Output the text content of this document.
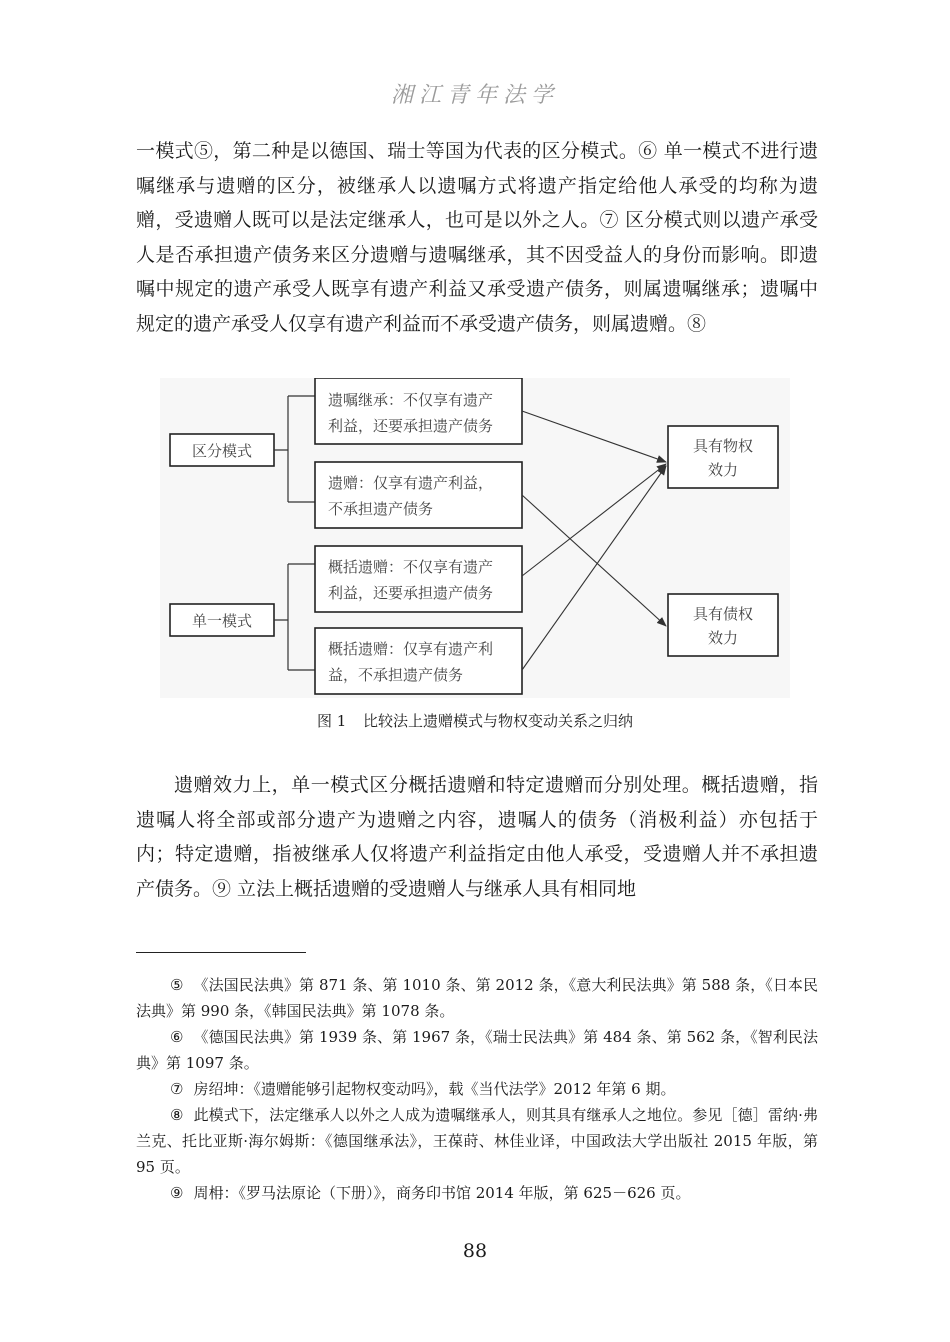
湘江青年法学

一模式⑤，第二种是以德国、瑞士等国为代表的区分模式。⑥ 单一模式不进行遗嘱继承与遗赠的区分，被继承人以遗嘱方式将遗产指定给他人承受的均称为遗赠，受遗赠人既可以是法定继承人，也可是以外之人。⑦ 区分模式则以遗产承受人是否承担遗产债务来区分遗赠与遗嘱继承，其不因受益人的身份而影响。即遗嘱中规定的遗产承受人既享有遗产利益又承受遗产债务，则属遗嘱继承；遗嘱中规定的遗产承受人仅享有遗产利益而不承受遗产债务，则属遗赠。⑧

区分模式
遗嘱继承：不仅享有遗产
利益，还要承担遗产债务
遗赠：仅享有遗产利益，
不承担遗产债务
单一模式
概括遗赠：不仅享有遗产
利益，还要承担遗产债务
概括遗赠：仅享有遗产利
益，不承担遗产债务
具有物权
效力
具有债权
效力
图 1 比较法上遗赠模式与物权变动关系之归纳

遗赠效力上，单一模式区分概括遗赠和特定遗赠而分别处理。概括遗赠，指遗嘱人将全部或部分遗产为遗赠之内容，遗嘱人的债务（消极利益）亦包括于内；特定遗赠，指被继承人仅将遗产利益指定由他人承受，受遗赠人并不承担遗产债务。⑨ 立法上概括遗赠的受遗赠人与继承人具有相同地

⑤ 《法国民法典》第 871 条、第 1010 条、第 2012 条，《意大利民法典》第 588 条，《日本民法典》第 990 条，《韩国民法典》第 1078 条。

⑥ 《德国民法典》第 1939 条、第 1967 条，《瑞士民法典》第 484 条、第 562 条，《智利民法典》第 1097 条。

⑦ 房绍坤：《遗赠能够引起物权变动吗》，载《当代法学》2012 年第 6 期。

⑧ 此模式下，法定继承人以外之人成为遗嘱继承人，则其具有继承人之地位。参见［德］雷纳·弗兰克、托比亚斯·海尔姆斯：《德国继承法》，王葆莳、林佳业译，中国政法大学出版社 2015 年版，第 95 页。

⑨ 周枏：《罗马法原论（下册）》，商务印书馆 2014 年版，第 625－626 页。

88
